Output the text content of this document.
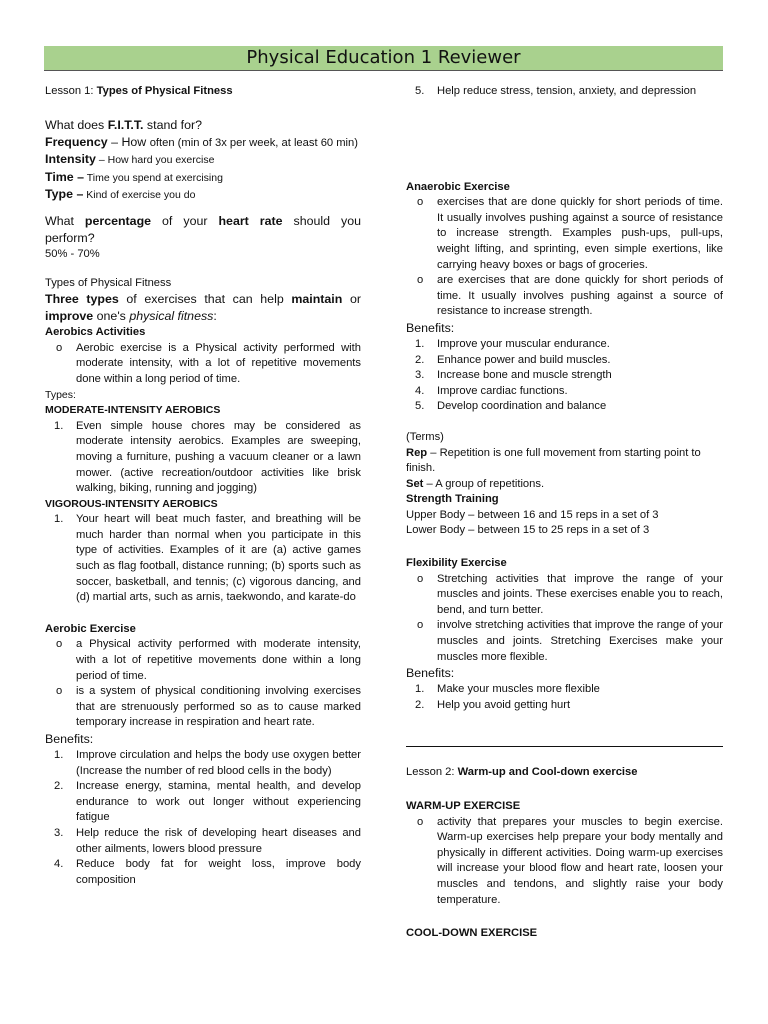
Physical Education 1 Reviewer

Lesson 1: Types of Physical Fitness

What does F.I.T.T. stand for?

Frequency – How often (min of 3x per week, at least 60 min)

Intensity – How hard you exercise

Time – Time you spend at exercising

Type – Kind of exercise you do

What percentage of your heart rate should you perform?

50% - 70%

Types of Physical Fitness

Three types of exercises that can help maintain or improve one's physical fitness:

Aerobics Activities

o	Aerobic exercise is a Physical activity performed with moderate intensity, with a lot of repetitive movements done within a long period of time.

Types:

MODERATE-INTENSITY AEROBICS

1.	Even simple house chores may be considered as moderate intensity aerobics. Examples are sweeping, moving a furniture, pushing a vacuum cleaner or a lawn mower. (active recreation/outdoor activities like brisk walking, biking, running and jogging)

VIGOROUS-INTENSITY AEROBICS

1.	Your heart will beat much faster, and breathing will be much harder than normal when you participate in this type of activities. Examples of it are (a) active games such as flag football, distance running; (b) sports such as soccer, basketball, and tennis; (c) vigorous dancing, and (d) martial arts, such as arnis, taekwondo, and karate-do

Aerobic Exercise

o	a Physical activity performed with moderate intensity, with a lot of repetitive movements done within a long period of time.
o	is a system of physical conditioning involving exercises that are strenuously performed so as to cause marked temporary increase in respiration and heart rate.

Benefits:

1.	Improve circulation and helps the body use oxygen better (Increase the number of red blood cells in the body)
2.	Increase energy, stamina, mental health, and develop endurance to work out longer without experiencing fatigue
3.	Help reduce the risk of developing heart diseases and other ailments, lowers blood pressure
4.	Reduce body fat for weight loss, improve body composition
5.	Help reduce stress, tension, anxiety, and depression

Anaerobic Exercise

o	exercises that are done quickly for short periods of time. It usually involves pushing against a source of resistance to increase strength. Examples push-ups, pull-ups, weight lifting, and sprinting, even simple exertions, like carrying heavy boxes or bags of groceries.
o	are exercises that are done quickly for short periods of time. It usually involves pushing against a source of resistance to increase strength.

Benefits:

1.	Improve your muscular endurance.
2.	Enhance power and build muscles.
3.	Increase bone and muscle strength
4.	Improve cardiac functions.
5.	Develop coordination and balance

(Terms)

Rep – Repetition is one full movement from starting point to finish.

Set – A group of repetitions.

Strength Training

Upper Body – between 16 and 15 reps in a set of 3

Lower Body – between 15 to 25 reps in a set of 3

Flexibility Exercise

o	Stretching activities that improve the range of your muscles and joints. These exercises enable you to reach, bend, and turn better.
o	involve stretching activities that improve the range of your muscles and joints. Stretching Exercises make your muscles more flexible.

Benefits:

1.	Make your muscles more flexible
2.	Help you avoid getting hurt

Lesson 2: Warm-up and Cool-down exercise

WARM-UP EXERCISE

o	activity that prepares your muscles to begin exercise. Warm-up exercises help prepare your body mentally and physically in different activities. Doing warm-up exercises will increase your blood flow and heart rate, loosen your muscles and tendons, and slightly raise your body temperature.

COOL-DOWN EXERCISE
